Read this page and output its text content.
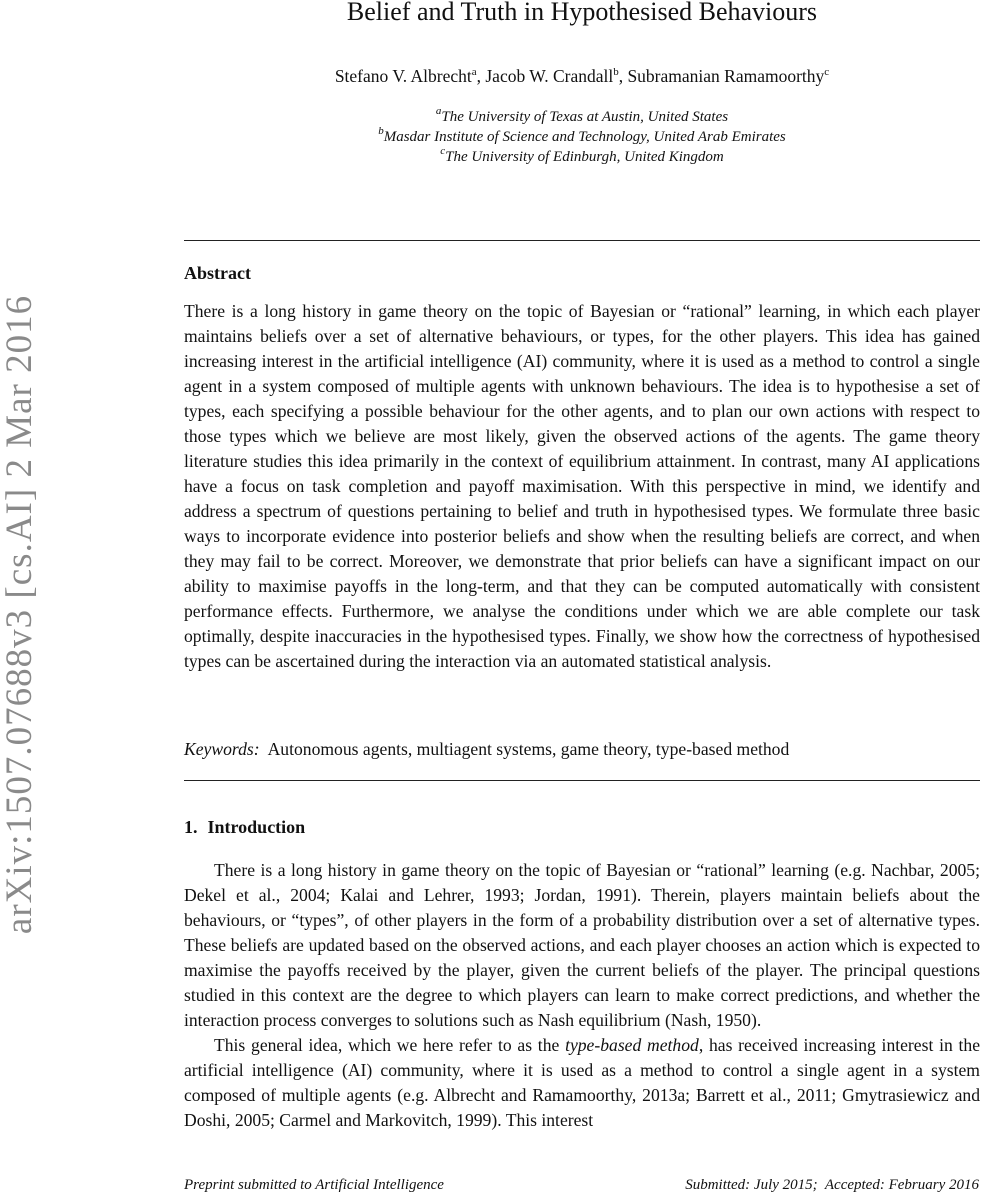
arXiv:1507.07688v3 [cs.AI] 2 Mar 2016
Belief and Truth in Hypothesised Behaviours
Stefano V. Albrecht$^a$, Jacob W. Crandall$^b$, Subramanian Ramamoorthy$^c$
$^a$The University of Texas at Austin, United States
$^b$Masdar Institute of Science and Technology, United Arab Emirates
$^c$The University of Edinburgh, United Kingdom
Abstract

There is a long history in game theory on the topic of Bayesian or “rational” learning, in which each player maintains beliefs over a set of alternative behaviours, or types, for the other players. This idea has gained increasing interest in the artificial intelligence (AI) community, where it is used as a method to control a single agent in a system composed of multiple agents with unknown behaviours. The idea is to hypothesise a set of types, each specifying a possible behaviour for the other agents, and to plan our own actions with respect to those types which we believe are most likely, given the observed actions of the agents. The game theory literature studies this idea primarily in the context of equilibrium attainment. In contrast, many AI applications have a focus on task completion and payoff maximisation. With this perspective in mind, we identify and address a spectrum of questions pertaining to belief and truth in hypothesised types. We formulate three basic ways to incorporate evidence into posterior beliefs and show when the resulting beliefs are correct, and when they may fail to be correct. Moreover, we demonstrate that prior beliefs can have a significant impact on our ability to maximise payoffs in the long-term, and that they can be computed automatically with consistent performance effects. Furthermore, we analyse the conditions under which we are able complete our task optimally, despite inaccuracies in the hypothesised types. Finally, we show how the correctness of hypothesised types can be ascertained during the interaction via an automated statistical analysis.

Keywords: Autonomous agents, multiagent systems, game theory, type-based method
1. Introduction

There is a long history in game theory on the topic of Bayesian or “rational” learning (e.g. Nachbar, 2005; Dekel et al., 2004; Kalai and Lehrer, 1993; Jordan, 1991). Therein, players maintain beliefs about the behaviours, or “types”, of other players in the form of a probability distribution over a set of alternative types. These beliefs are updated based on the observed actions, and each player chooses an action which is expected to maximise the payoffs received by the player, given the current beliefs of the player. The principal questions studied in this context are the degree to which players can learn to make correct predictions, and whether the interaction process converges to solutions such as Nash equilibrium (Nash, 1950).

This general idea, which we here refer to as the type-based method, has received increasing interest in the artificial intelligence (AI) community, where it is used as a method to control a single agent in a system composed of multiple agents (e.g. Albrecht and Ramamoorthy, 2013a; Barrett et al., 2011; Gmytrasiewicz and Doshi, 2005; Carmel and Markovitch, 1999). This interest

Preprint submitted to Artificial Intelligence	Submitted: July 2015;  Accepted: February 2016
